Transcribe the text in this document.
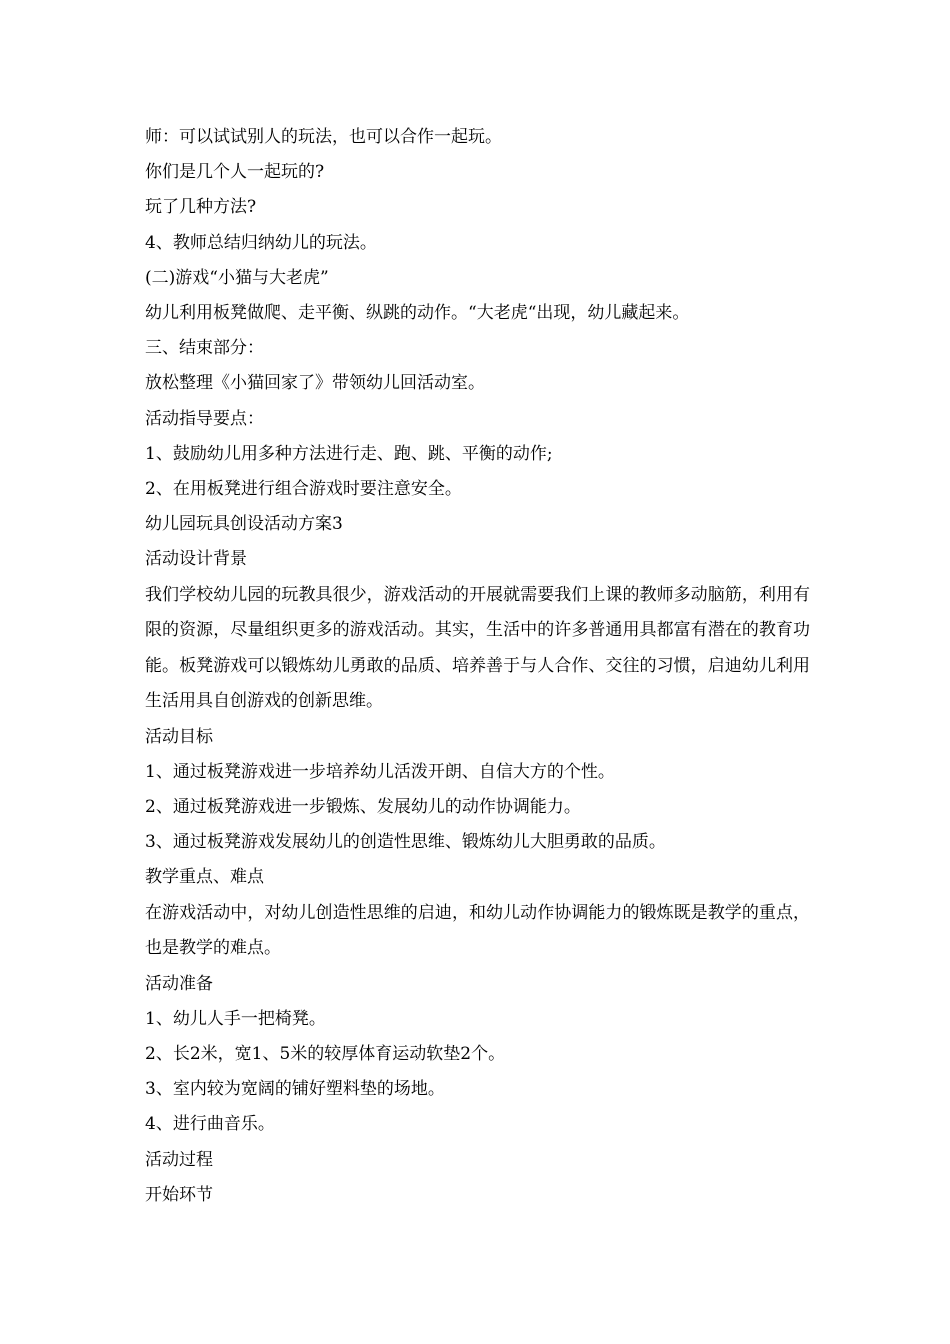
师：可以试试别人的玩法，也可以合作一起玩。

你们是几个人一起玩的?

玩了几种方法?

4、教师总结归纳幼儿的玩法。

(二)游戏“小猫与大老虎”

幼儿利用板凳做爬、走平衡、纵跳的动作。“大老虎“出现，幼儿藏起来。

三、结束部分：

放松整理《小猫回家了》带领幼儿回活动室。

活动指导要点：

1、鼓励幼儿用多种方法进行走、跑、跳、平衡的动作;

2、在用板凳进行组合游戏时要注意安全。

幼儿园玩具创设活动方案3

活动设计背景

我们学校幼儿园的玩教具很少，游戏活动的开展就需要我们上课的教师多动脑筋，利用有限的资源，尽量组织更多的游戏活动。其实，生活中的许多普通用具都富有潜在的教育功能。板凳游戏可以锻炼幼儿勇敢的品质、培养善于与人合作、交往的习惯，启迪幼儿利用生活用具自创游戏的创新思维。

活动目标

1、通过板凳游戏进一步培养幼儿活泼开朗、自信大方的个性。

2、通过板凳游戏进一步锻炼、发展幼儿的动作协调能力。

3、通过板凳游戏发展幼儿的创造性思维、锻炼幼儿大胆勇敢的品质。

教学重点、难点

在游戏活动中，对幼儿创造性思维的启迪，和幼儿动作协调能力的锻炼既是教学的重点，也是教学的难点。

活动准备

1、幼儿人手一把椅凳。

2、长2米，宽1、5米的较厚体育运动软垫2个。

3、室内较为宽阔的铺好塑料垫的场地。

4、进行曲音乐。

活动过程

开始环节
